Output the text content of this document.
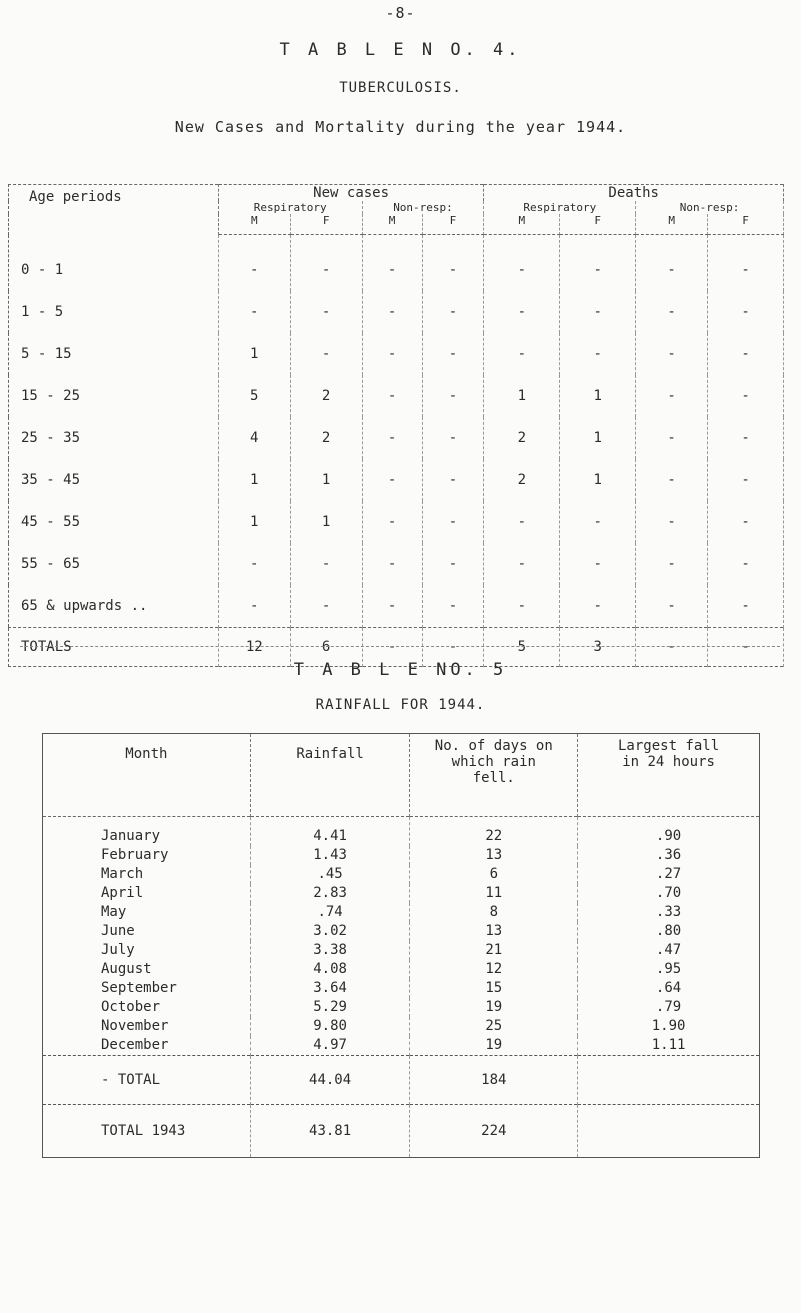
-8-
T A B L E N O. 4.
TUBERCULOSIS.
New Cases and Mortality during the year 1944.
Age periods	New cases				Deaths			
	Respiratory		Non-resp:		Respiratory		Non-resp:	
	M	F	M	F	M	F	M	F
0 - 1	-	-	-	-	-	-	-	-
1 - 5	-	-	-	-	-	-	-	-
5 - 15	1	-	-	-	-	-	-	-
15 - 25	5	2	-	-	1	1	-	-
25 - 35	4	2	-	-	2	1	-	-
35 - 45	1	1	-	-	2	1	-	-
45 - 55	1	1	-	-	-	-	-	-
55 - 65	-	-	-	-	-	-	-	-
65 & upwards ..	-	-	-	-	-	-	-	-
TOTALS	12	6	-	-	5	3	-	-
T A B L E NO. 5
RAINFALL FOR 1944.
Month	Rainfall	No. of days on which rain fell.	Largest fall in 24 hours
January	4.41	22	.90
February	1.43	13	.36
March	.45	6	.27
April	2.83	11	.70
May	.74	8	.33
June	3.02	13	.80
July	3.38	21	.47
August	4.08	12	.95
September	3.64	15	.64
October	5.29	19	.79
November	9.80	25	1.90
December	4.97	19	1.11
- TOTAL	44.04	184	
TOTAL 1943	43.81	224	
